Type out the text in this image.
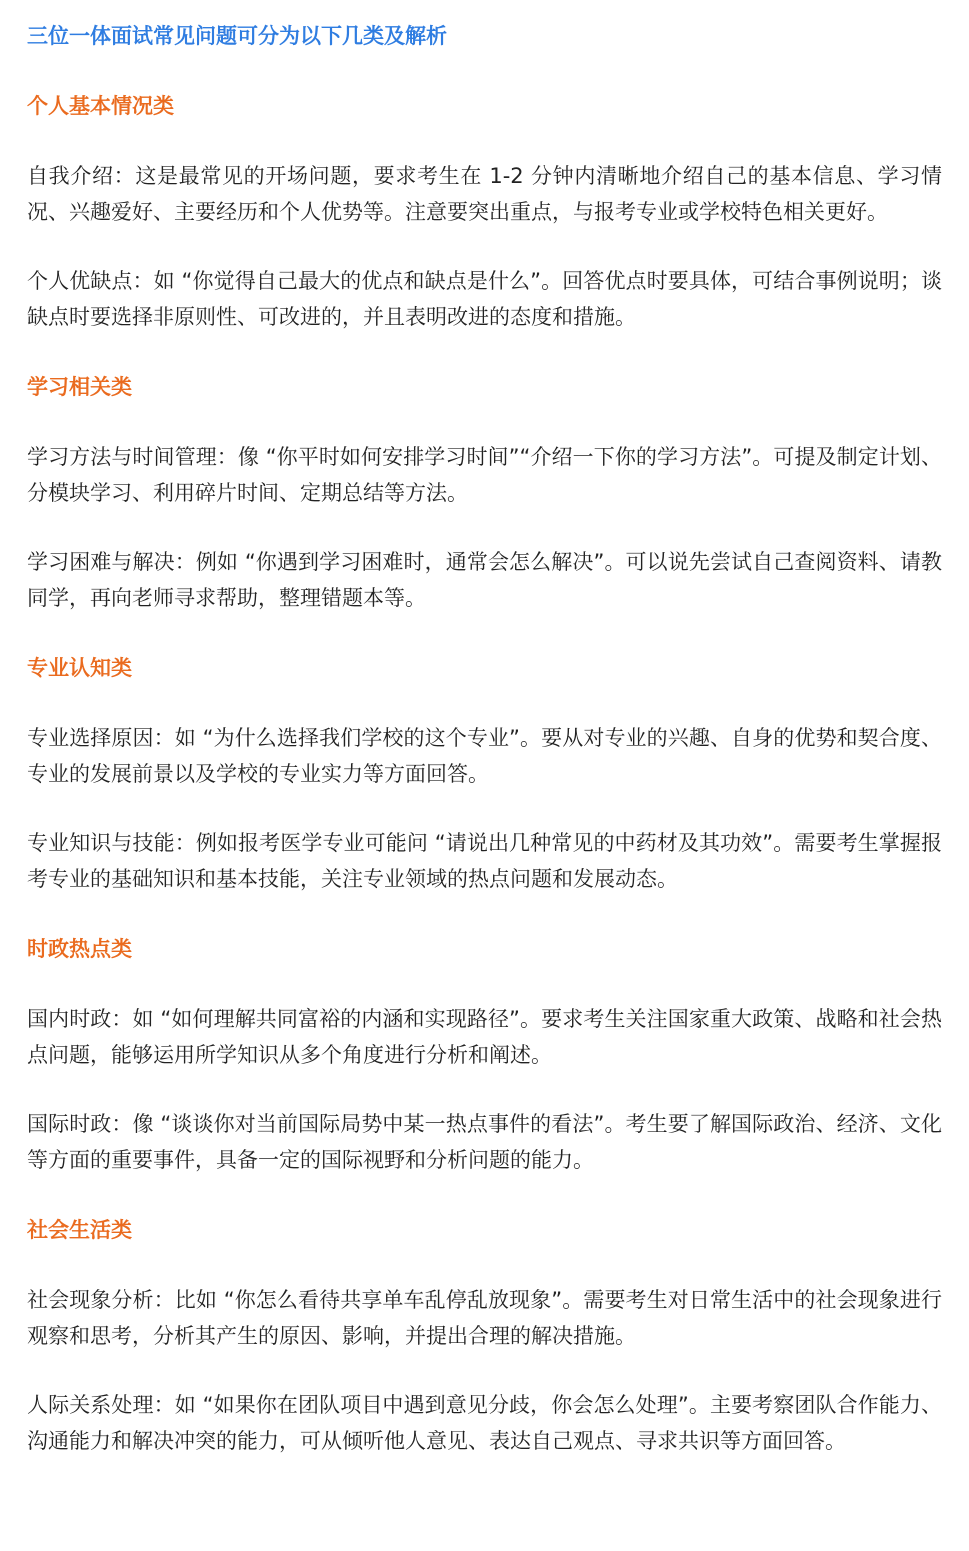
三位一体面试常见问题可分为以下几类及解析
个人基本情况类

自我介绍：这是最常见的开场问题，要求考生在 1-2 分钟内清晰地介绍自己的基本信息、学习情况、兴趣爱好、主要经历和个人优势等。注意要突出重点，与报考专业或学校特色相关更好。

个人优缺点：如 “你觉得自己最大的优点和缺点是什么”。回答优点时要具体，可结合事例说明；谈缺点时要选择非原则性、可改进的，并且表明改进的态度和措施。

学习相关类

学习方法与时间管理：像 “你平时如何安排学习时间”“介绍一下你的学习方法”。可提及制定计划、分模块学习、利用碎片时间、定期总结等方法。

学习困难与解决：例如 “你遇到学习困难时，通常会怎么解决”。可以说先尝试自己查阅资料、请教同学，再向老师寻求帮助，整理错题本等。

专业认知类

专业选择原因：如 “为什么选择我们学校的这个专业”。要从对专业的兴趣、自身的优势和契合度、专业的发展前景以及学校的专业实力等方面回答。

专业知识与技能：例如报考医学专业可能问 “请说出几种常见的中药材及其功效”。需要考生掌握报考专业的基础知识和基本技能，关注专业领域的热点问题和发展动态。

时政热点类

国内时政：如 “如何理解共同富裕的内涵和实现路径”。要求考生关注国家重大政策、战略和社会热点问题，能够运用所学知识从多个角度进行分析和阐述。

国际时政：像 “谈谈你对当前国际局势中某一热点事件的看法”。考生要了解国际政治、经济、文化等方面的重要事件，具备一定的国际视野和分析问题的能力。

社会生活类

社会现象分析：比如 “你怎么看待共享单车乱停乱放现象”。需要考生对日常生活中的社会现象进行观察和思考，分析其产生的原因、影响，并提出合理的解决措施。

人际关系处理：如 “如果你在团队项目中遇到意见分歧，你会怎么处理”。主要考察团队合作能力、沟通能力和解决冲突的能力，可从倾听他人意见、表达自己观点、寻求共识等方面回答。
